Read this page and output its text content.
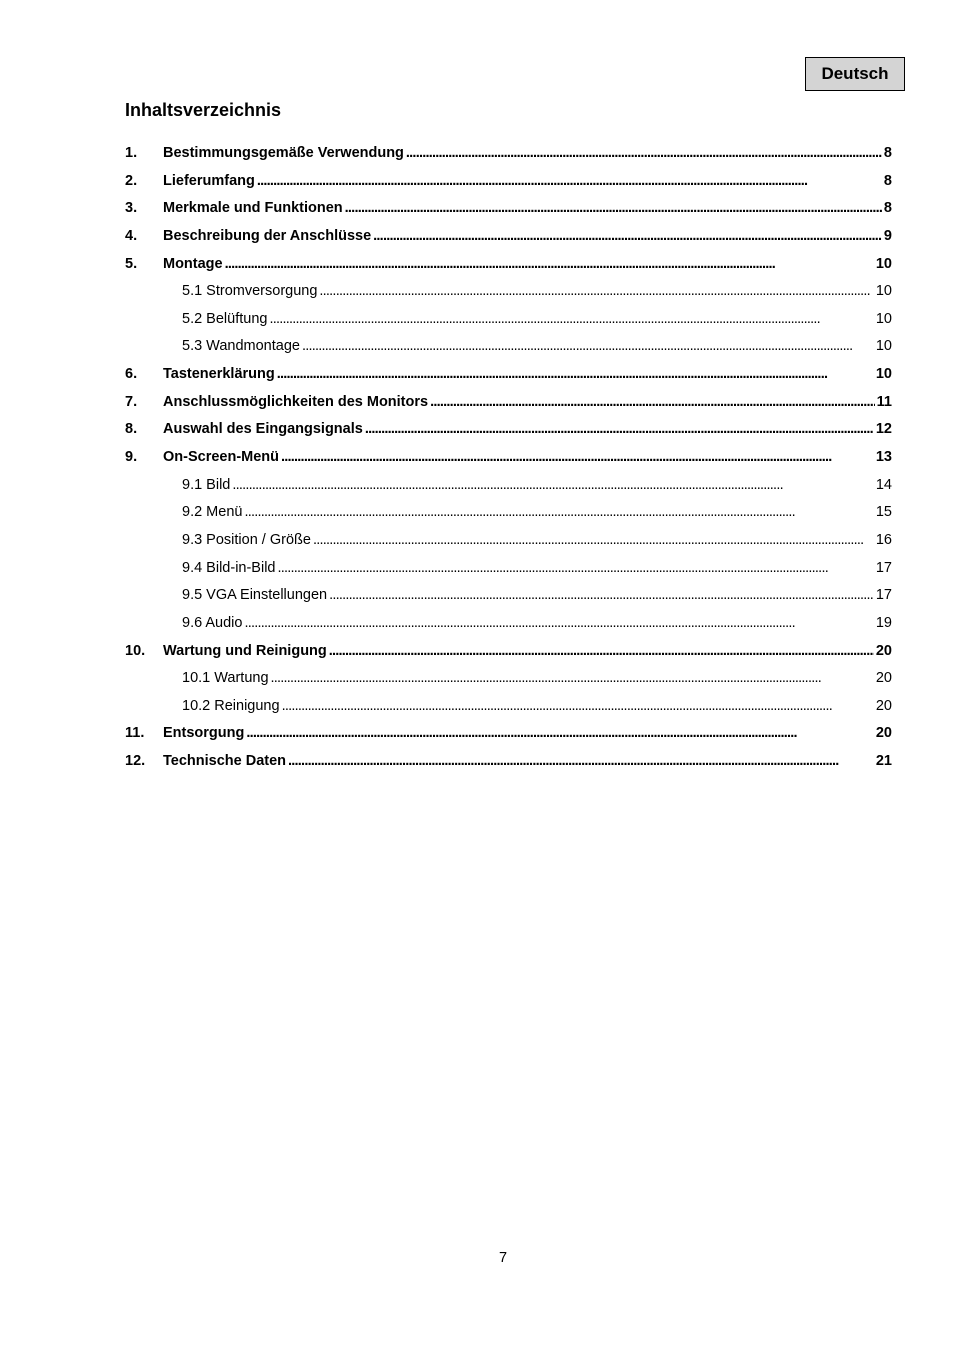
Deutsch
Inhaltsverzeichnis
1.	Bestimmungsgemäße Verwendung . . .	8
2.	Lieferumfang . . .	8
3.	Merkmale und Funktionen . . .	8
4.	Beschreibung der Anschlüsse . . .	9
5.	Montage . . .	10
5.1 Stromversorgung . . .	10
5.2 Belüftung . . .	10
5.3 Wandmontage . . .	10
6.	Tastenerklärung . . .	10
7.	Anschlussmöglichkeiten des Monitors . . .	11
8.	Auswahl des Eingangsignals . . .	12
9.	On-Screen-Menü . . .	13
9.1 Bild . . .	14
9.2 Menü . . .	15
9.3 Position / Größe . . .	16
9.4 Bild-in-Bild . . .	17
9.5 VGA Einstellungen . . .	17
9.6 Audio . . .	19
10.	Wartung und Reinigung . . .	20
10.1 Wartung . . .	20
10.2 Reinigung . . .	20
11.	Entsorgung . . .	20
12.	Technische Daten . . .	21
7
